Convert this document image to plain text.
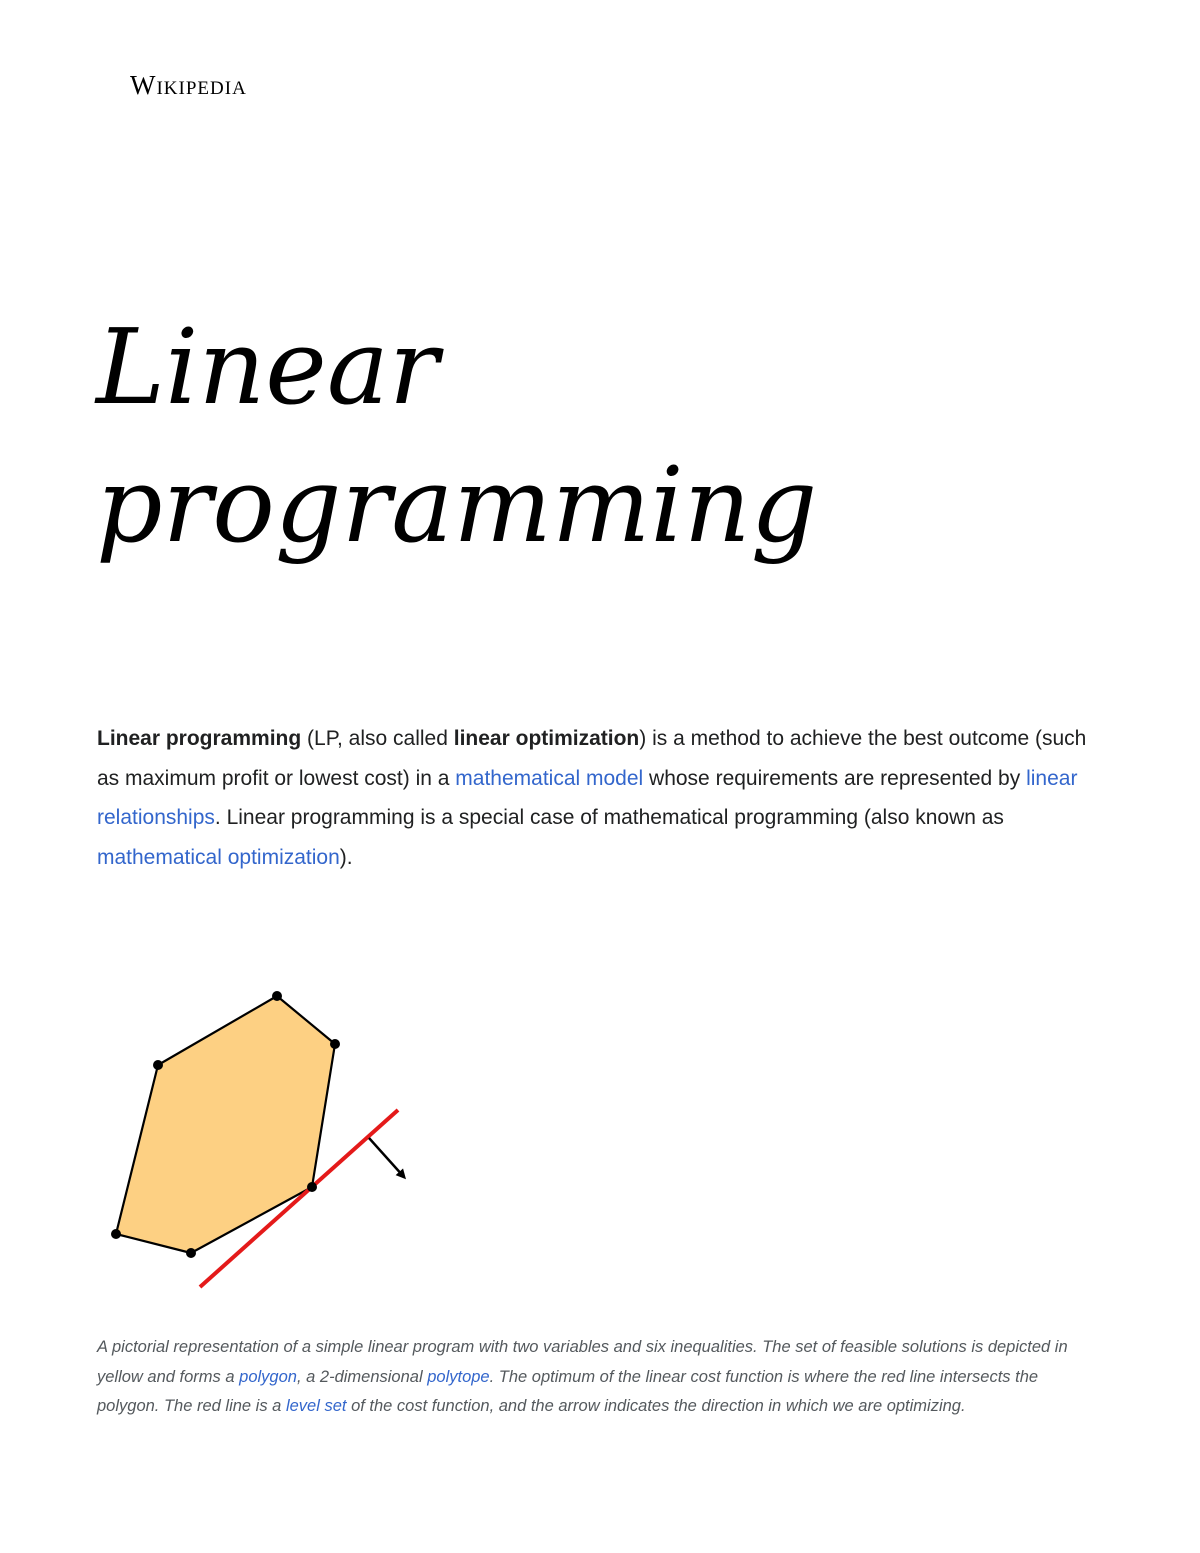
Wikipedia
Linear
programming

Linear programming (LP, also called linear optimization) is a method to achieve the best outcome (such as maximum profit or lowest cost) in a mathematical model whose requirements are represented by linear relationships. Linear programming is a special case of mathematical programming (also known as mathematical optimization).

A pictorial representation of a simple linear program with two variables and six inequalities. The set of feasible solutions is depicted in yellow and forms a polygon, a 2-dimensional polytope. The optimum of the linear cost function is where the red line intersects the polygon. The red line is a level set of the cost function, and the arrow indicates the direction in which we are optimizing.
